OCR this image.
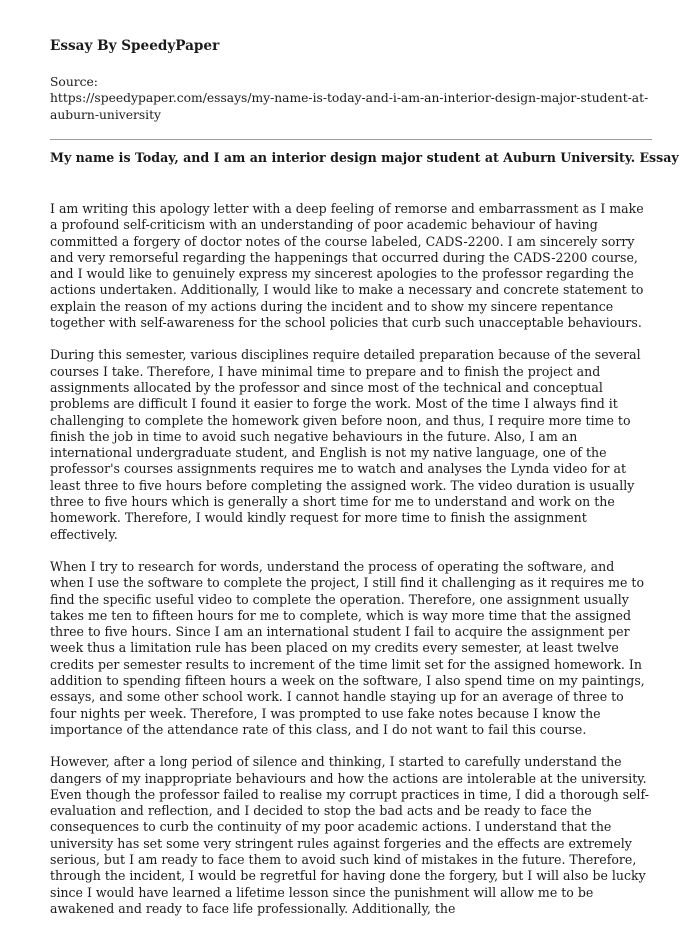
Essay By SpeedyPaper
Source:
https://speedypaper.com/essays/my-name-is-today-and-i-am-an-interior-design-major-student-at-auburn-university
My name is Today, and I am an interior design major student at Auburn University. Essay

I am writing this apology letter with a deep feeling of remorse and embarrassment as I make a profound self-criticism with an understanding of poor academic behaviour of having committed a forgery of doctor notes of the course labeled, CADS-2200. I am sincerely sorry and very remorseful regarding the happenings that occurred during the CADS-2200 course, and I would like to genuinely express my sincerest apologies to the professor regarding the actions undertaken. Additionally, I would like to make a necessary and concrete statement to explain the reason of my actions during the incident and to show my sincere repentance together with self-awareness for the school policies that curb such unacceptable behaviours.

During this semester, various disciplines require detailed preparation because of the several courses I take. Therefore, I have minimal time to prepare and to finish the project and assignments allocated by the professor and since most of the technical and conceptual problems are difficult I found it easier to forge the work. Most of the time I always find it challenging to complete the homework given before noon, and thus, I require more time to finish the job in time to avoid such negative behaviours in the future. Also, I am an international undergraduate student, and English is not my native language, one of the professor's courses assignments requires me to watch and analyses the Lynda video for at least three to five hours before completing the assigned work. The video duration is usually three to five hours which is generally a short time for me to understand and work on the homework. Therefore, I would kindly request for more time to finish the assignment effectively.

When I try to research for words, understand the process of operating the software, and when I use the software to complete the project, I still find it challenging as it requires me to find the specific useful video to complete the operation. Therefore, one assignment usually takes me ten to fifteen hours for me to complete, which is way more time that the assigned three to five hours. Since I am an international student I fail to acquire the assignment per week thus a limitation rule has been placed on my credits every semester, at least twelve credits per semester results to increment of the time limit set for the assigned homework. In addition to spending fifteen hours a week on the software, I also spend time on my paintings, essays, and some other school work. I cannot handle staying up for an average of three to four nights per week. Therefore, I was prompted to use fake notes because I know the importance of the attendance rate of this class, and I do not want to fail this course.

However, after a long period of silence and thinking, I started to carefully understand the dangers of my inappropriate behaviours and how the actions are intolerable at the university. Even though the professor failed to realise my corrupt practices in time, I did a thorough self-evaluation and reflection, and I decided to stop the bad acts and be ready to face the consequences to curb the continuity of my poor academic actions. I understand that the university has set some very stringent rules against forgeries and the effects are extremely serious, but I am ready to face them to avoid such kind of mistakes in the future. Therefore, through the incident, I would be regretful for having done the forgery, but I will also be lucky since I would have learned a lifetime lesson since the punishment will allow me to be awakened and ready to face life professionally. Additionally, the
